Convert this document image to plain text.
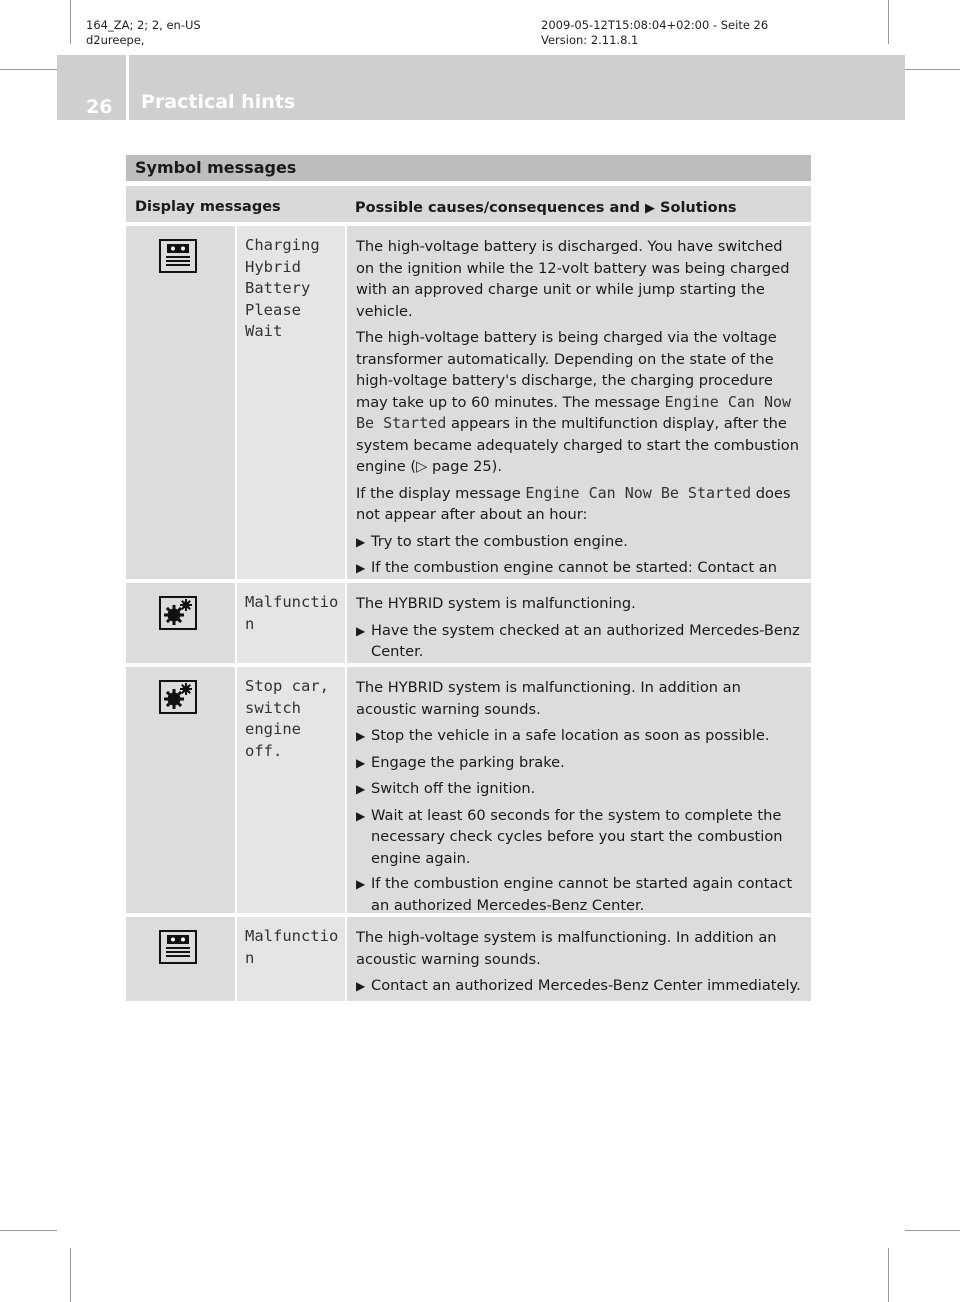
164_ZA; 2; 2, en-US
d2ureepe,
2009-05-12T15:08:04+02:00 - Seite 26
Version: 2.11.8.1
26 Practical hints
Symbol messages
Display messages	Possible causes/consequences and ▶ Solutions
Charging
Hybrid
Battery
Please
Wait

The high-voltage battery is discharged. You have switched on the ignition while the 12-volt battery was being charged with an approved charge unit or while jump starting the vehicle.

The high-voltage battery is being charged via the voltage transformer automatically. Depending on the state of the high-voltage battery's discharge, the charging procedure may take up to 60 minutes. The message Engine Can Now Be Started appears in the multifunction display, after the system became adequately charged to start the combustion engine (▷ page 25).

If the display message Engine Can Now Be Started does not appear after about an hour:

▶ Try to start the combustion engine.
▶ If the combustion engine cannot be started: Contact an
Malfunctio
n

The HYBRID system is malfunctioning.

▶ Have the system checked at an authorized Mercedes-Benz Center.
Stop car,
switch
engine
off.

The HYBRID system is malfunctioning. In addition an acoustic warning sounds.

▶ Stop the vehicle in a safe location as soon as possible.
▶ Engage the parking brake.
▶ Switch off the ignition.
▶ Wait at least 60 seconds for the system to complete the necessary check cycles before you start the combustion engine again.
▶ If the combustion engine cannot be started again contact an authorized Mercedes-Benz Center.
Malfunctio
n

The high-voltage system is malfunctioning. In addition an acoustic warning sounds.

▶ Contact an authorized Mercedes-Benz Center immediately.
